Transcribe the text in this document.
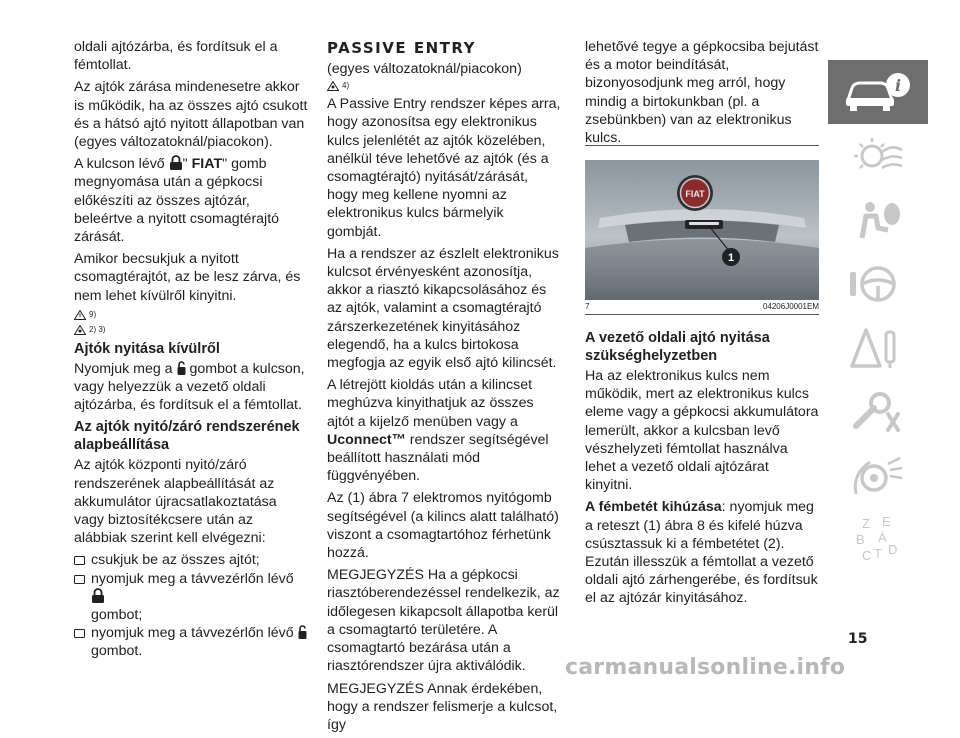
oldali ajtózárba, és fordítsuk el a fémtollat.

Az ajtók zárása mindenesetre akkor is működik, ha az összes ajtó csukott és a hátsó ajtó nyitott állapotban van (egyes változatoknál/piacokon).

A kulcson lévő " FIAT" gomb megnyomása után a gépkocsi előkészíti az összes ajtózár, beleértve a nyitott csomagtérajtó zárását.

Amikor becsukjuk a nyitott csomagtérajtót, az be lesz zárva, és nem lehet kívülről kinyitni.

9)
2) 3)
Ajtók nyitása kívülről

Nyomjuk meg a gombot a kulcson, vagy helyezzük a vezető oldali ajtózárba, és fordítsuk el a fémtollat.

Az ajtók nyitó/záró rendszerének alapbeállítása

Az ajtók központi nyitó/záró rendszerének alapbeállítását az akkumulátor újracsatlakoztatása vagy biztosítékcsere után az alábbiak szerint kell elvégezni:

csukjuk be az összes ajtót;
nyomjuk meg a távvezérlőn lévő
gombot;
nyomjuk meg a távvezérlőn lévő
gombot.
PASSIVE ENTRY

(egyes változatoknál/piacokon)

4)

A Passive Entry rendszer képes arra, hogy azonosítsa egy elektronikus kulcs jelenlétét az ajtók közelében, anélkül téve lehetővé az ajtók (és a csomagtérajtó) nyitását/zárását, hogy meg kellene nyomni az elektronikus kulcs bármelyik gombját.

Ha a rendszer az észlelt elektronikus kulcsot érvényesként azonosítja, akkor a riasztó kikapcsolásához és az ajtók, valamint a csomagtérajtó zárszerkezetének kinyitásához elegendő, ha a kulcs birtokosa megfogja az egyik első ajtó kilincsét.

A létrejött kioldás után a kilincset meghúzva kinyithatjuk az összes ajtót a kijelző menüben vagy a Uconnect™ rendszer segítségével beállított használati mód függvényében.

Az (1) ábra 7 elektromos nyitógomb segítségével (a kilincs alatt található) viszont a csomagtartóhoz férhetünk hozzá.

MEGJEGYZÉS Ha a gépkocsi riasztóberendezéssel rendelkezik, az időlegesen kikapcsolt állapotba kerül a csomagtartó területére. A csomagtartó bezárása után a riasztórendszer újra aktiválódik.

MEGJEGYZÉS Annak érdekében, hogy a rendszer felismerje a kulcsot, így

lehetővé tegye a gépkocsiba bejutást és a motor beindítását, bizonyosodjunk meg arról, hogy mindig a birtokunkban (pl. a zsebünkben) van az elektronikus kulcs.

FIAT
1
7	04206J0001EM
A vezető oldali ajtó nyitása szükséghelyzetben

Ha az elektronikus kulcs nem működik, mert az elektronikus kulcs eleme vagy a gépkocsi akkumulátora lemerült, akkor a kulcsban levő vészhelyzeti fémtollat használva lehet a vezető oldali ajtózárat kinyitni.

A fémbetét kihúzása: nyomjuk meg a reteszt (1) ábra 8 és kifelé húzva csúsztassuk ki a fémbetétet (2). Ezután illesszük a fémtollat a vezető oldali ajtó zárhengerébe, és fordítsuk el az ajtózár kinyitásához.

i
Z E
B Á
C T D
15
carmanualsonline.info
